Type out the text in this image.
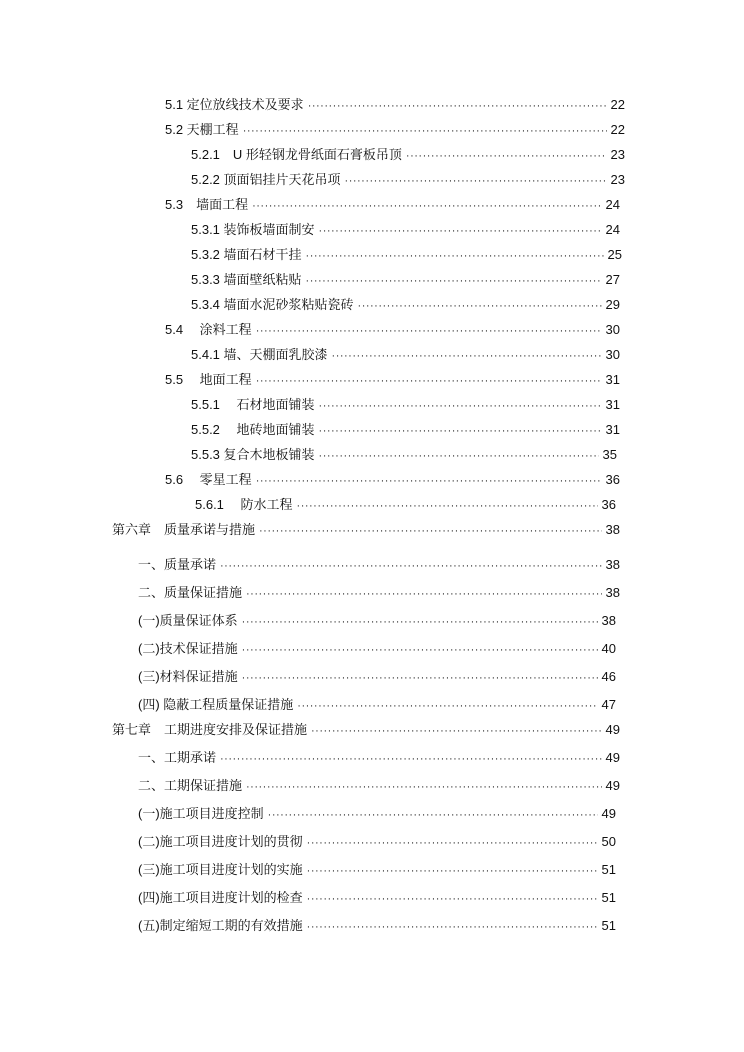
5.1 定位放线技术及要求 ·····	22
5.2 天棚工程 ·····	22
5.2.1　U 形轻钢龙骨纸面石膏板吊顶 ·····	23
5.2.2 顶面铝挂片天花吊项 ·····	23
5.3　墙面工程 ·····	24
5.3.1 装饰板墙面制安 ·····	24
5.3.2 墙面石材干挂 ·····	25
5.3.3 墙面壁纸粘贴 ·····	27
5.3.4 墙面水泥砂浆粘贴瓷砖 ·····	29
5.4　 涂料工程 ·····	30
5.4.1 墙、天棚面乳胶漆 ·····	30
5.5　 地面工程 ·····	31
5.5.1　 石材地面铺装 ·····	31
5.5.2　 地砖地面铺装 ·····	31
5.5.3 复合木地板铺装 ·····	35
5.6　 零星工程 ·····	36
5.6.1　 防水工程 ·····	36
第六章　质量承诺与措施 ·····	38
一、质量承诺 ·····	38
二、质量保证措施 ·····	38
(一)质量保证体系 ·····	38
(二)技术保证措施 ·····	40
(三)材料保证措施 ·····	46
(四) 隐蔽工程质量保证措施 ·····	47
第七章　工期进度安排及保证措施 ·····	49
一、工期承诺 ·····	49
二、工期保证措施 ·····	49
(一)施工项目进度控制 ·····	49
(二)施工项目进度计划的贯彻 ·····	50
(三)施工项目进度计划的实施 ·····	51
(四)施工项目进度计划的检查 ·····	51
(五)制定缩短工期的有效措施 ·····	51
